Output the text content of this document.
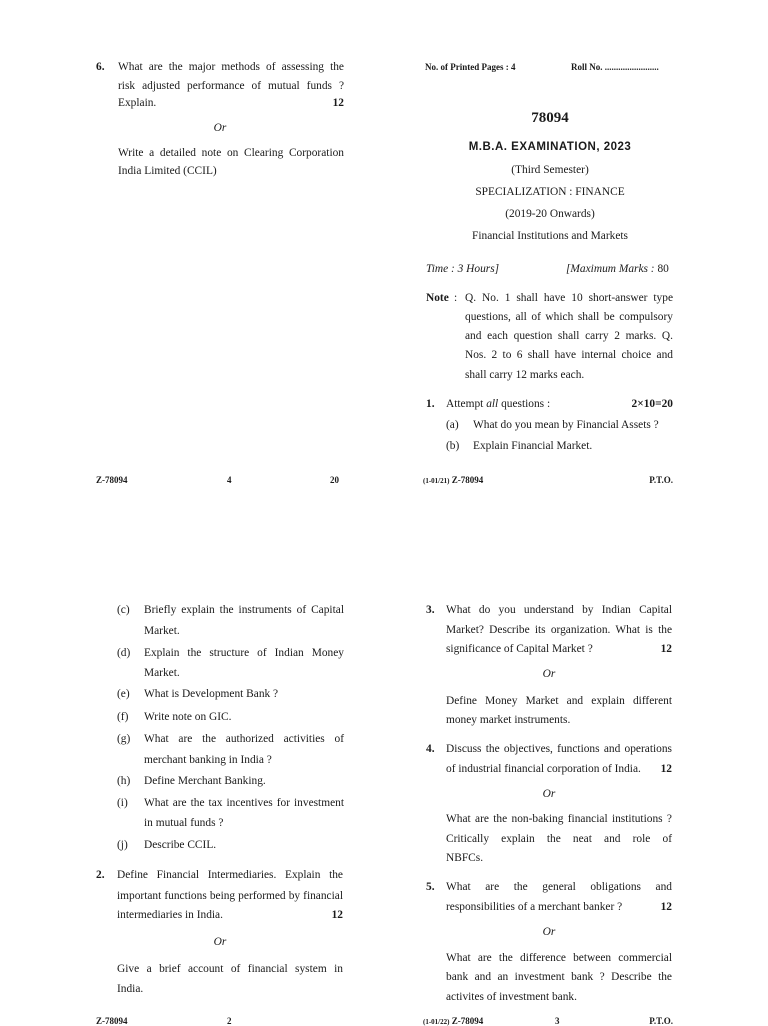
6. What are the major methods of assessing the
risk adjusted performance of mutual funds ?
Explain.	12
Or
Write a detailed note on Clearing Corporation
India Limited (CCIL)
Z-78094	4	20
No. of Printed Pages : 4	Roll No. ........................
78094
M.B.A. EXAMINATION, 2023
(Third Semester)
SPECIALIZATION : FINANCE
(2019-20 Onwards)
Financial Institutions and Markets
Time : 3 Hours]	[Maximum Marks : 80
Note : Q. No. 1 shall have 10 short-answer type
questions, all of which shall be compulsory
and each question shall carry 2 marks. Q.
Nos. 2 to 6 shall have internal choice and
shall carry 12 marks each.
1. Attempt all questions :	2×10=20
(a) What do you mean by Financial Assets ?
(b) Explain Financial Market.
(1-01/21) Z-78094	P.T.O.
(c) Briefly explain the instruments of Capital
Market.
(d) Explain the structure of Indian Money
Market.
(e) What is Development Bank ?
(f) Write note on GIC.
(g) What are the authorized activities of
merchant banking in India ?
(h) Define Merchant Banking.
(i) What are the tax incentives for investment
in mutual funds ?
(j) Describe CCIL.
2. Define Financial Intermediaries. Explain the
important functions being performed by financial
intermediaries in India.	12
Or
Give a brief account of financial system in
India.
Z-78094	2
3. What do you understand by Indian Capital
Market? Describe its organization. What is the
significance of Capital Market ?	12
Or
Define Money Market and explain different
money market instruments.
4. Discuss the objectives, functions and operations
of industrial financial corporation of India.	12
Or
What are the non-baking financial institutions ?
Critically explain the neat and role of
NBFCs.
5. What are the general obligations and
responsibilities of a merchant banker ?	12
Or
What are the difference between commercial
bank and an investment bank ? Describe the
activites of investment bank.
(1-01/22) Z-78094	3	P.T.O.
